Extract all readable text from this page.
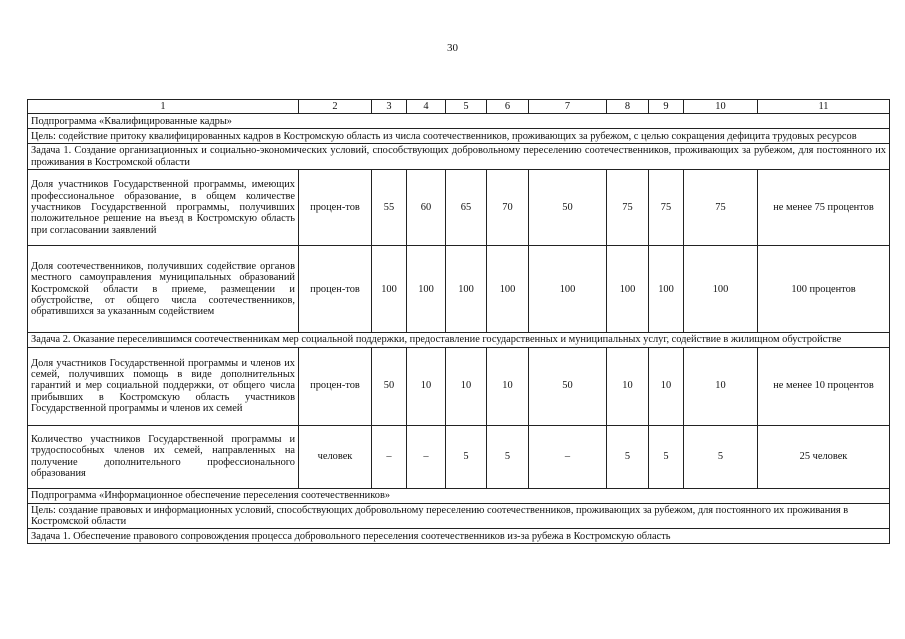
30
1	2	3	4	5	6	7	8	9	10	11
Подпрограмма «Квалифицированные кадры»										
Цель: содействие притоку квалифицированных кадров в Костромскую область из числа соотечественников, проживающих за рубежом, с целью сокращения дефицита трудовых ресурсов										
Задача 1. Создание организационных и социально-экономических условий, способствующих добровольному переселению соотечественников, проживающих за рубежом, для постоянного их проживания в Костромской области										
Доля участников Государственной программы, имеющих профессиональное образование, в общем количестве участников Государственной программы, получивших положительное решение на въезд в Костромскую область при согласовании заявлений	процен-тов	55	60	65	70	50	75	75	75	не менее 75 процентов
Доля соотечественников, получивших содействие органов местного самоуправления муниципальных образований Костромской области в приеме, размещении и обустройстве, от общего числа соотечественников, обратившихся за указанным содействием	процен-тов	100	100	100	100	100	100	100	100	100 процентов
Задача 2. Оказание переселившимся соотечественникам мер социальной поддержки, предоставление государственных и муниципальных услуг, содействие в жилищном обустройстве										
Доля участников Государственной программы и членов их семей, получивших помощь в виде дополнительных гарантий и мер социальной поддержки, от общего числа прибывших в Костромскую область участников Государственной программы и членов их семей	процен-тов	50	10	10	10	50	10	10	10	не менее 10 процентов
Количество участников Государственной программы и трудоспособных членов их семей, направленных на получение дополнительного профессионального образования	человек	–	–	5	5	–	5	5	5	25 человек
Подпрограмма «Информационное обеспечение переселения соотечественников»										
Цель: создание правовых и информационных условий, способствующих добровольному переселению соотечественников, проживающих за рубежом, для постоянного их проживания в Костромской области										
Задача 1. Обеспечение правового сопровождения процесса добровольного переселения соотечественников из-за рубежа в Костромскую область										
